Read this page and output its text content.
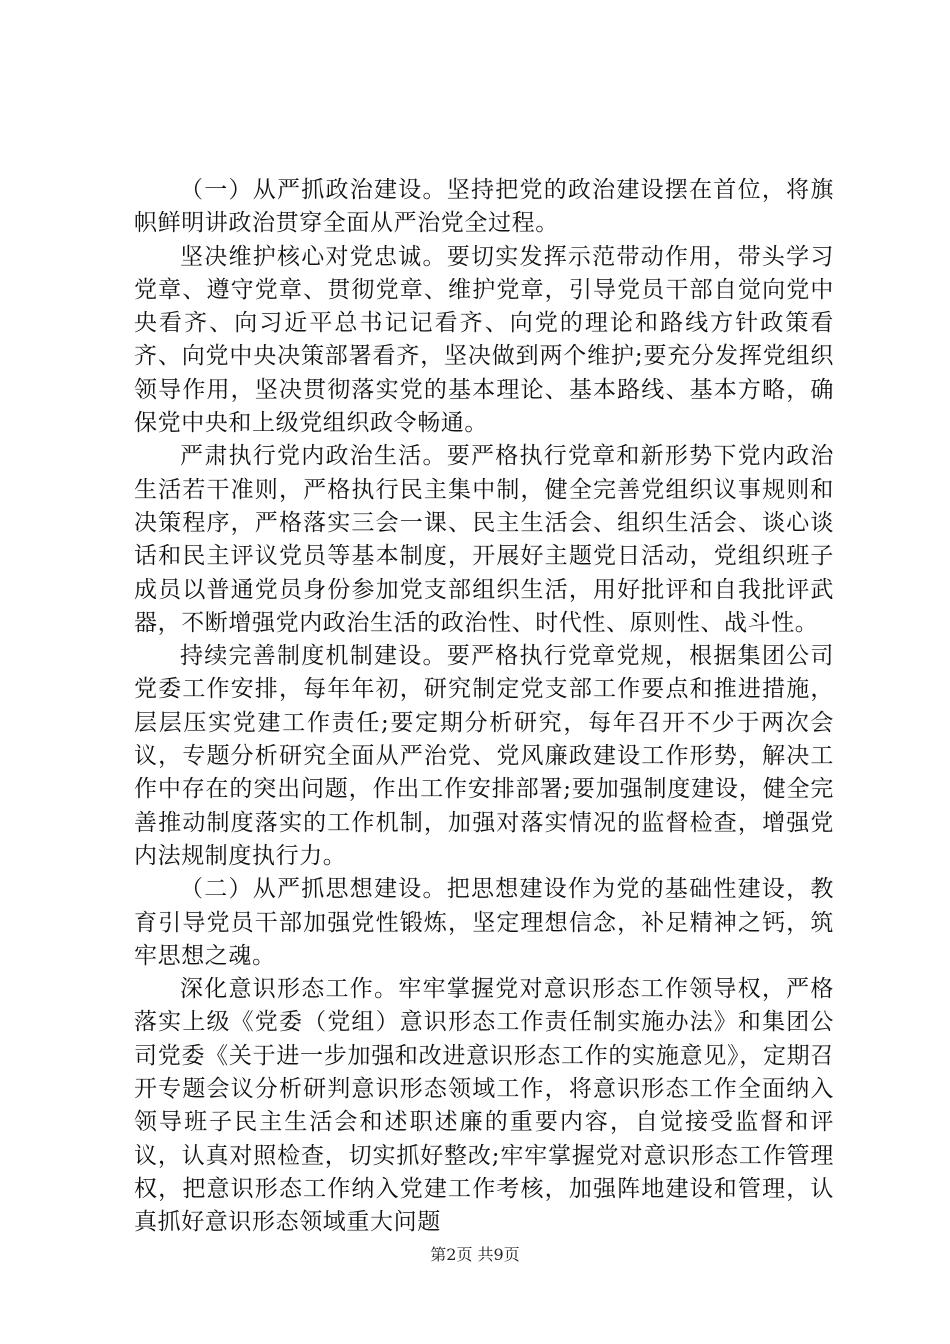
（一）从严抓政治建设。坚持把党的政治建设摆在首位，将旗帜鲜明讲政治贯穿全面从严治党全过程。

坚决维护核心对党忠诚。要切实发挥示范带动作用，带头学习党章、遵守党章、贯彻党章、维护党章，引导党员干部自觉向党中央看齐、向习近平总书记记看齐、向党的理论和路线方针政策看齐、向党中央决策部署看齐，坚决做到两个维护;要充分发挥党组织领导作用，坚决贯彻落实党的基本理论、基本路线、基本方略，确保党中央和上级党组织政令畅通。

严肃执行党内政治生活。要严格执行党章和新形势下党内政治生活若干准则，严格执行民主集中制，健全完善党组织议事规则和决策程序，严格落实三会一课、民主生活会、组织生活会、谈心谈话和民主评议党员等基本制度，开展好主题党日活动，党组织班子成员以普通党员身份参加党支部组织生活，用好批评和自我批评武器，不断增强党内政治生活的政治性、时代性、原则性、战斗性。

持续完善制度机制建设。要严格执行党章党规，根据集团公司党委工作安排，每年年初，研究制定党支部工作要点和推进措施，层层压实党建工作责任;要定期分析研究，每年召开不少于两次会议，专题分析研究全面从严治党、党风廉政建设工作形势，解决工作中存在的突出问题，作出工作安排部署;要加强制度建设，健全完善推动制度落实的工作机制，加强对落实情况的监督检查，增强党内法规制度执行力。

（二）从严抓思想建设。把思想建设作为党的基础性建设，教育引导党员干部加强党性锻炼，坚定理想信念，补足精神之钙，筑牢思想之魂。

深化意识形态工作。牢牢掌握党对意识形态工作领导权，严格落实上级《党委（党组）意识形态工作责任制实施办法》和集团公司党委《关于进一步加强和改进意识形态工作的实施意见》，定期召开专题会议分析研判意识形态领域工作，将意识形态工作全面纳入领导班子民主生活会和述职述廉的重要内容，自觉接受监督和评议，认真对照检查，切实抓好整改;牢牢掌握党对意识形态工作管理权，把意识形态工作纳入党建工作考核，加强阵地建设和管理，认真抓好意识形态领域重大问题

第2页 共9页
